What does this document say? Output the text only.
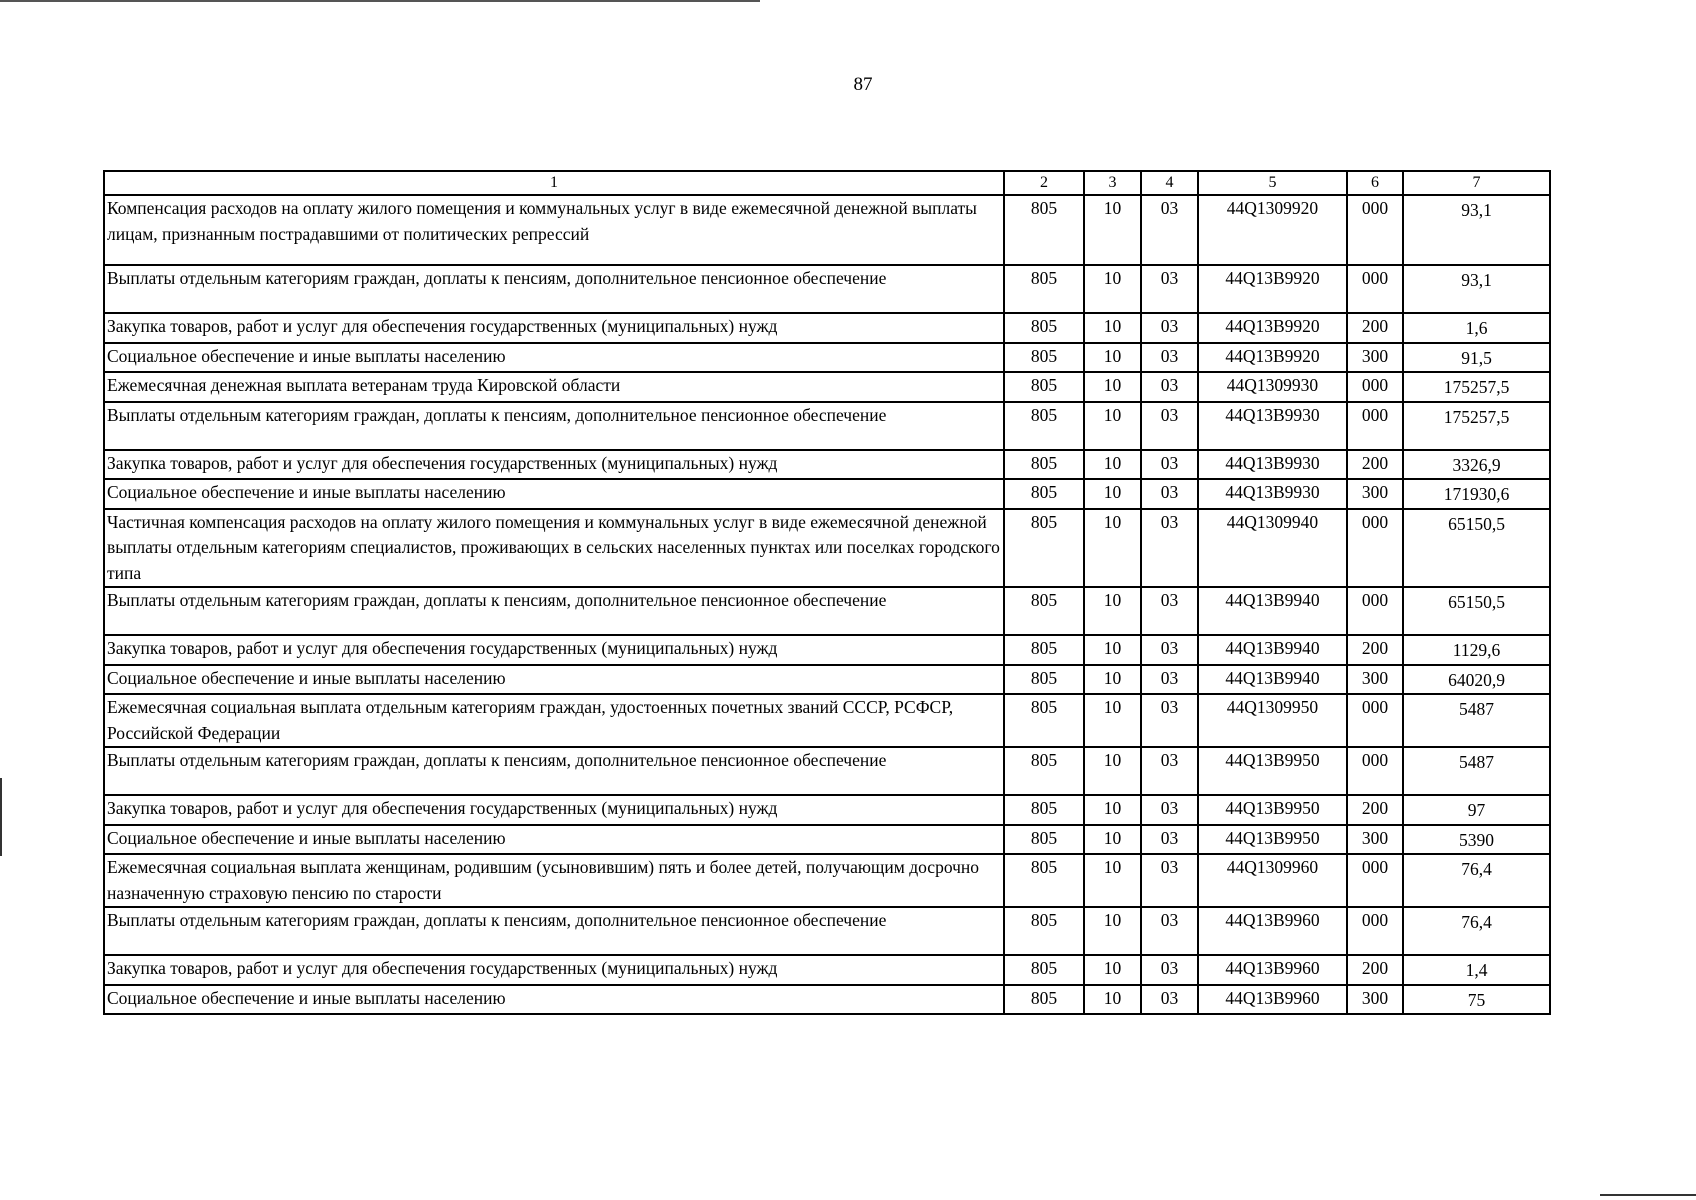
87
1	2	3	4	5	6	7
Компенсация расходов на оплату жилого помещения и коммунальных услуг в виде ежемесячной денежной выплаты лицам, признанным пострадавшими от политических репрессий	805	10	03	44Q1309920	000	93,1
Выплаты отдельным категориям граждан, доплаты к пенсиям, дополнительное пенсионное обеспечение	805	10	03	44Q13B9920	000	93,1
Закупка товаров, работ и услуг для обеспечения государственных (муниципальных) нужд	805	10	03	44Q13B9920	200	1,6
Социальное обеспечение и иные выплаты населению	805	10	03	44Q13B9920	300	91,5
Ежемесячная денежная выплата ветеранам труда Кировской области	805	10	03	44Q1309930	000	175257,5
Выплаты отдельным категориям граждан, доплаты к пенсиям, дополнительное пенсионное обеспечение	805	10	03	44Q13B9930	000	175257,5
Закупка товаров, работ и услуг для обеспечения государственных (муниципальных) нужд	805	10	03	44Q13B9930	200	3326,9
Социальное обеспечение и иные выплаты населению	805	10	03	44Q13B9930	300	171930,6
Частичная компенсация расходов на оплату жилого помещения и коммунальных услуг в виде ежемесячной денежной выплаты отдельным категориям специалистов, проживающих в сельских населенных пунктах или поселках городского типа	805	10	03	44Q1309940	000	65150,5
Выплаты отдельным категориям граждан, доплаты к пенсиям, дополнительное пенсионное обеспечение	805	10	03	44Q13B9940	000	65150,5
Закупка товаров, работ и услуг для обеспечения государственных (муниципальных) нужд	805	10	03	44Q13B9940	200	1129,6
Социальное обеспечение и иные выплаты населению	805	10	03	44Q13B9940	300	64020,9
Ежемесячная социальная выплата отдельным категориям граждан, удостоенных почетных званий СССР, РСФСР, Российской Федерации	805	10	03	44Q1309950	000	5487
Выплаты отдельным категориям граждан, доплаты к пенсиям, дополнительное пенсионное обеспечение	805	10	03	44Q13B9950	000	5487
Закупка товаров, работ и услуг для обеспечения государственных (муниципальных) нужд	805	10	03	44Q13B9950	200	97
Социальное обеспечение и иные выплаты населению	805	10	03	44Q13B9950	300	5390
Ежемесячная социальная выплата женщинам, родившим (усыновившим) пять и более детей, получающим досрочно назначенную страховую пенсию по старости	805	10	03	44Q1309960	000	76,4
Выплаты отдельным категориям граждан, доплаты к пенсиям, дополнительное пенсионное обеспечение	805	10	03	44Q13B9960	000	76,4
Закупка товаров, работ и услуг для обеспечения государственных (муниципальных) нужд	805	10	03	44Q13B9960	200	1,4
Социальное обеспечение и иные выплаты населению	805	10	03	44Q13B9960	300	75
